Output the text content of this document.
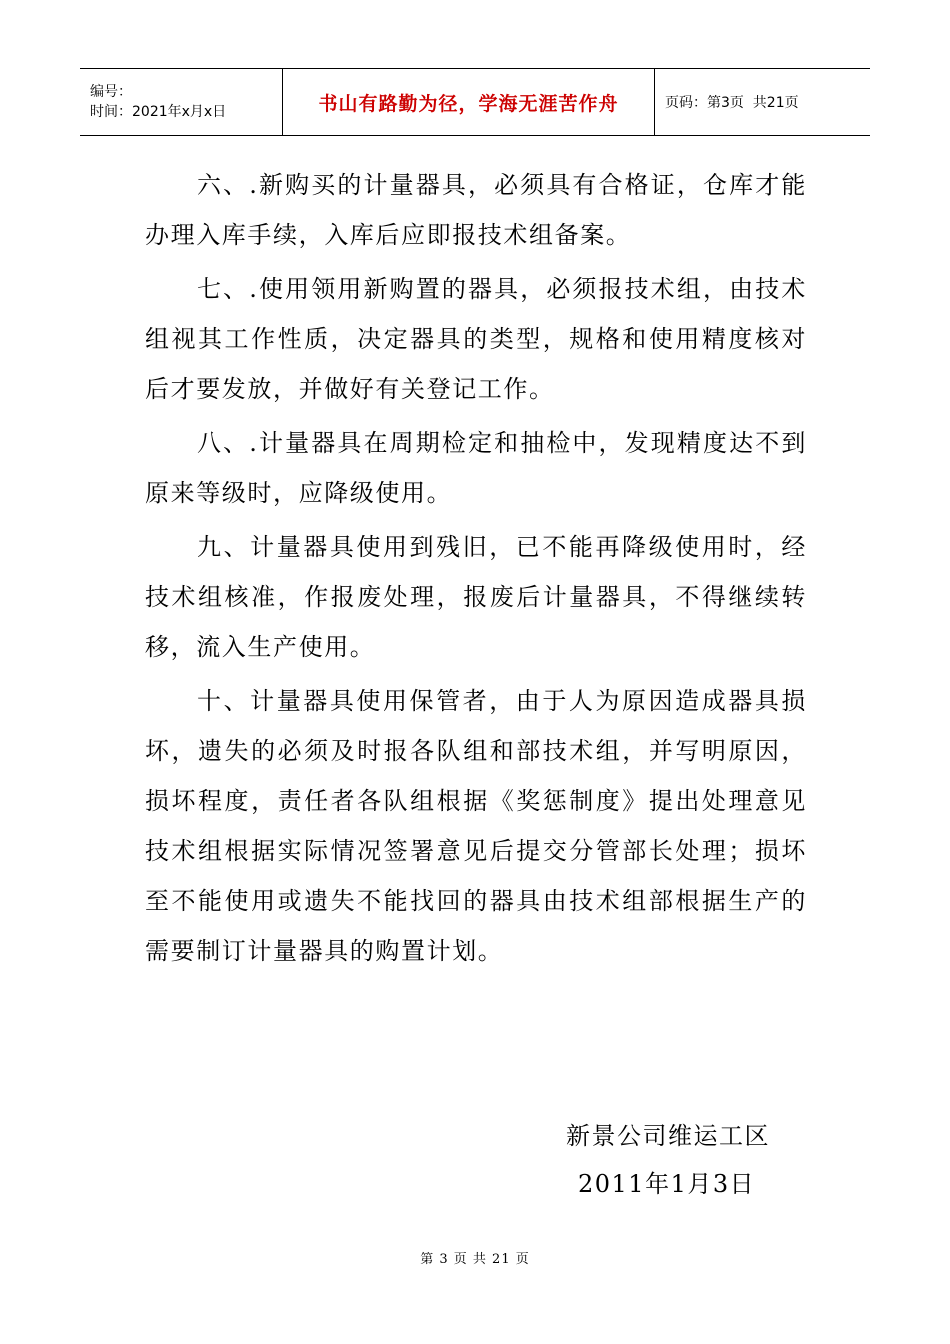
编号：
时间：2021年x月x日	书山有路勤为径，学海无涯苦作舟	页码：第3页  共21页

六、.新购买的计量器具，必须具有合格证，仓库才能办理入库手续，入库后应即报技术组备案。

七、.使用领用新购置的器具，必须报技术组，由技术组视其工作性质，决定器具的类型，规格和使用精度核对后才要发放，并做好有关登记工作。

八、.计量器具在周期检定和抽检中，发现精度达不到原来等级时，应降级使用。

九、计量器具使用到残旧，已不能再降级使用时，经技术组核准，作报废处理，报废后计量器具，不得继续转移，流入生产使用。

十、计量器具使用保管者，由于人为原因造成器具损坏，遗失的必须及时报各队组和部技术组，并写明原因，损坏程度，责任者各队组根据《奖惩制度》提出处理意见技术组根据实际情况签署意见后提交分管部长处理；损坏至不能使用或遗失不能找回的器具由技术组部根据生产的需要制订计量器具的购置计划。

新景公司维运工区
2011年1月3日
第 3 页 共 21 页
